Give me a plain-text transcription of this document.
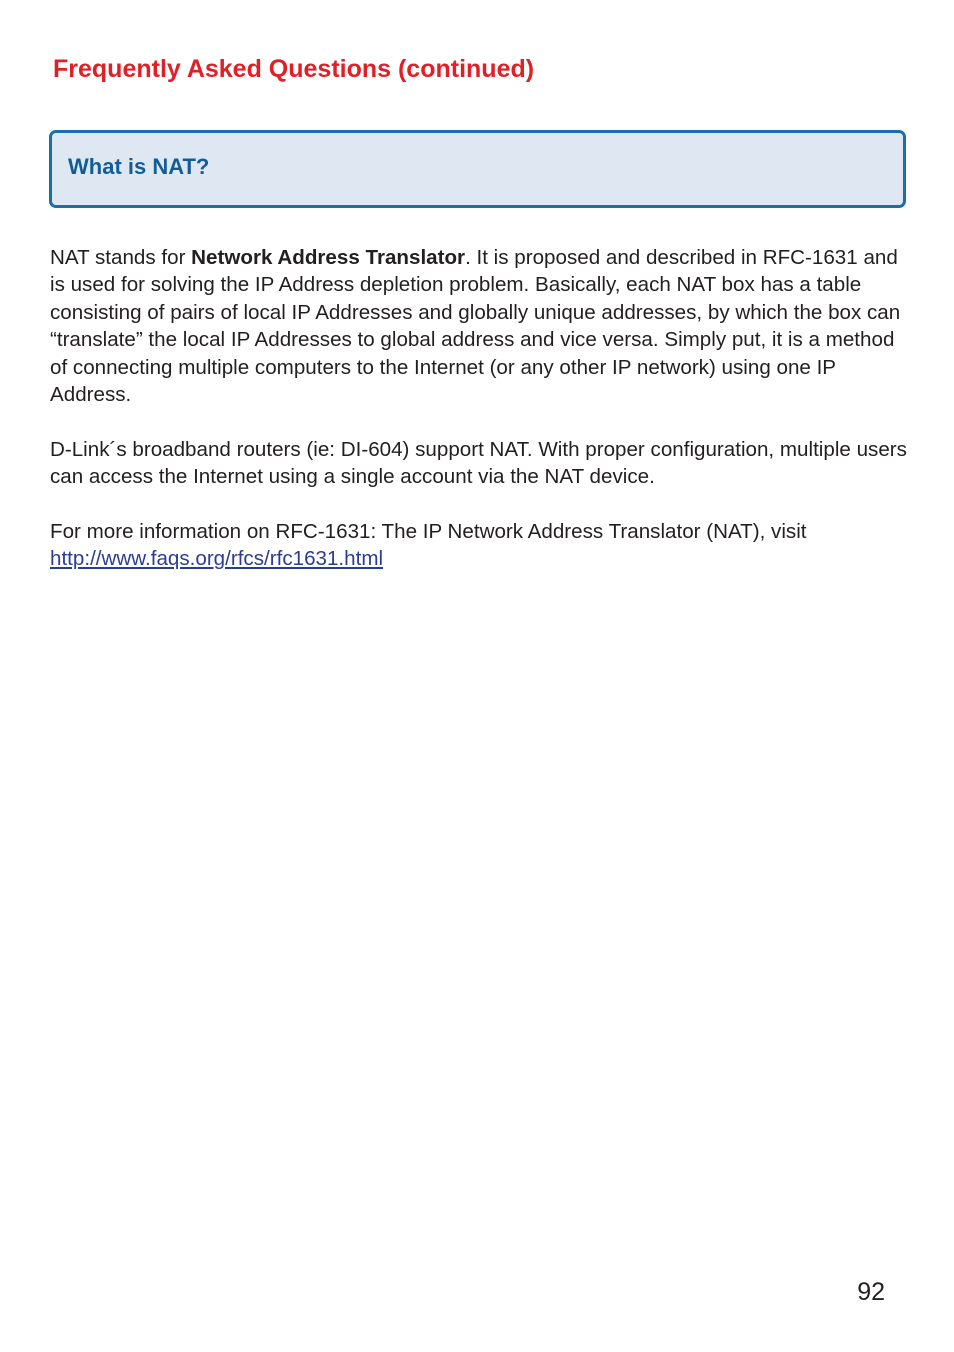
Frequently Asked Questions (continued)
What is NAT?

NAT stands for Network Address Translator. It is proposed and described in RFC-1631 and is used for solving the IP Address depletion problem. Basically, each NAT box has a table consisting of pairs of local IP Addresses and globally unique addresses, by which the box can “translate” the local IP Addresses to global address and vice versa. Simply put, it is a method of connecting multiple computers to the Internet (or any other IP network) using one IP Address.

D-Link´s broadband routers (ie: DI-604) support NAT. With proper configuration, multiple users can access the Internet using a single account via the NAT device.

For more information on RFC-1631: The IP Network Address Translator (NAT), visit
http://www.faqs.org/rfcs/rfc1631.html

92
